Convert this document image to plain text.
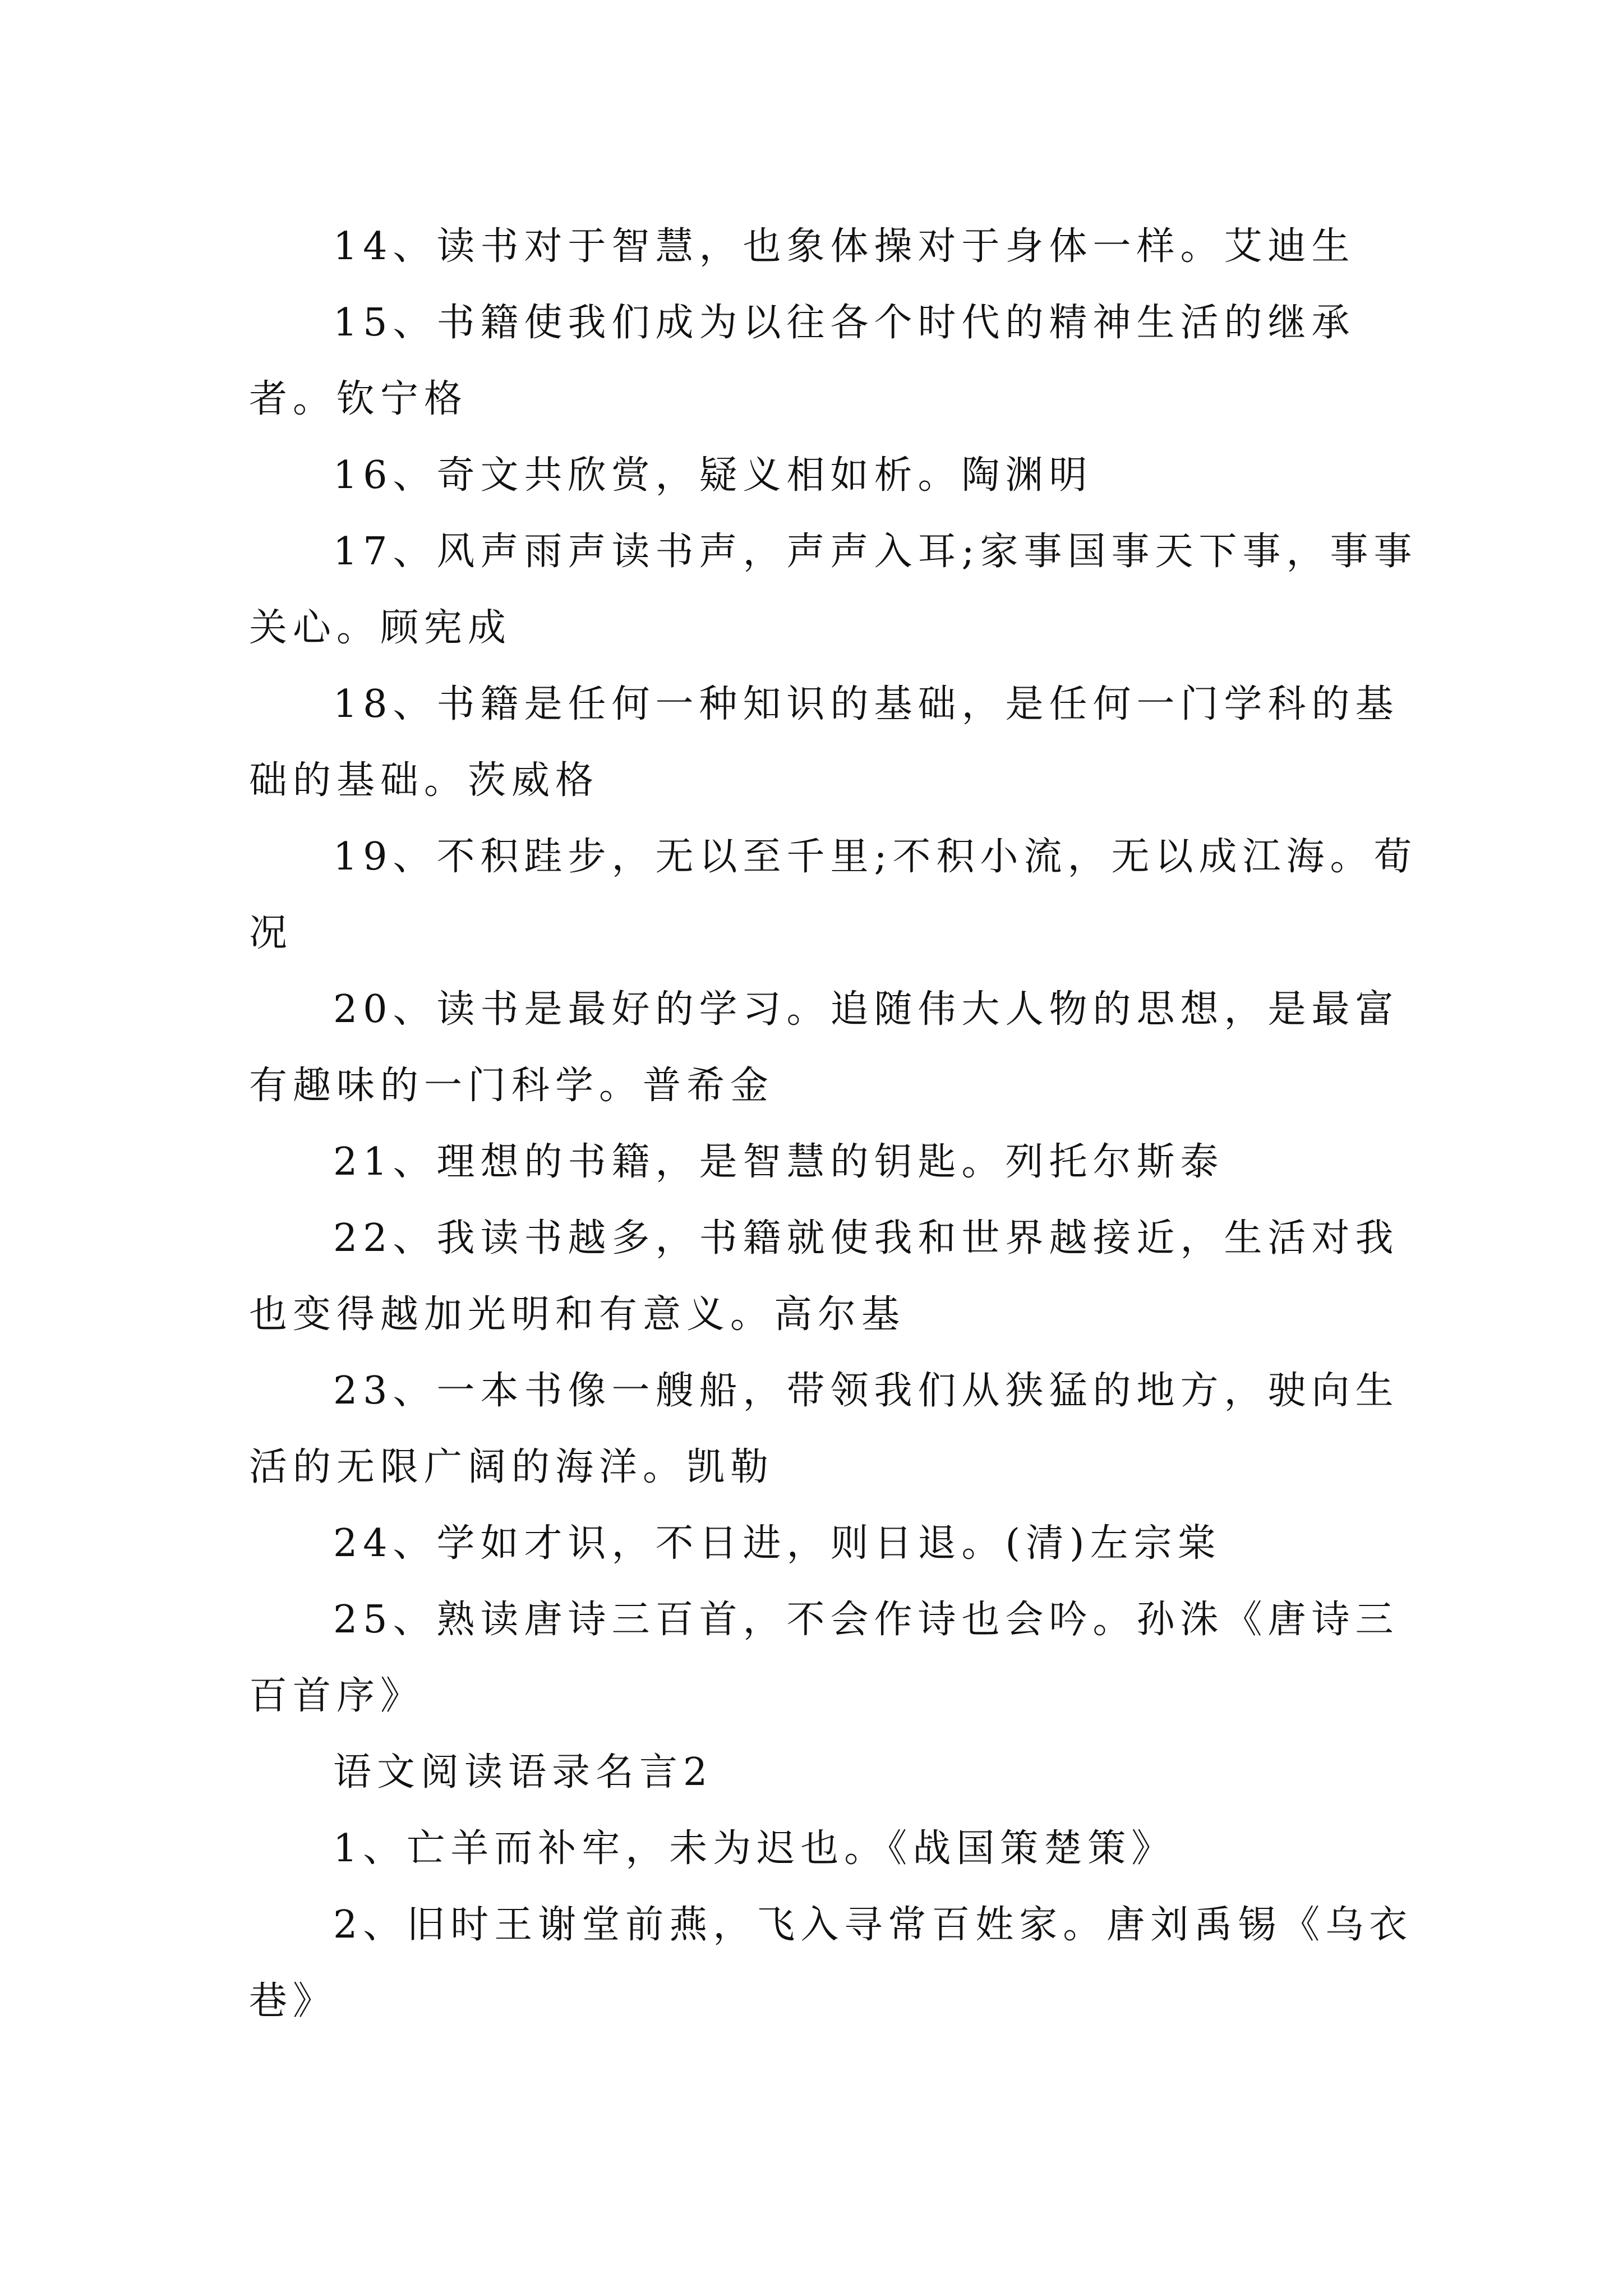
14、读书对于智慧，也象体操对于身体一样。艾迪生

15、书籍使我们成为以往各个时代的精神生活的继承者。钦宁格

16、奇文共欣赏，疑义相如析。陶渊明

17、风声雨声读书声，声声入耳;家事国事天下事，事事关心。顾宪成

18、书籍是任何一种知识的基础，是任何一门学科的基础的基础。茨威格

19、不积跬步，无以至千里;不积小流，无以成江海。荀况

20、读书是最好的学习。追随伟大人物的思想，是最富有趣味的一门科学。普希金

21、理想的书籍，是智慧的钥匙。列托尔斯泰

22、我读书越多，书籍就使我和世界越接近，生活对我也变得越加光明和有意义。高尔基

23、一本书像一艘船，带领我们从狭猛的地方，驶向生活的无限广阔的海洋。凯勒

24、学如才识，不日进，则日退。(清)左宗棠

25、熟读唐诗三百首，不会作诗也会吟。孙洙《唐诗三百首序》

语文阅读语录名言2

1、亡羊而补牢，未为迟也。《战国策楚策》

2、旧时王谢堂前燕，飞入寻常百姓家。唐刘禹锡《乌衣巷》
